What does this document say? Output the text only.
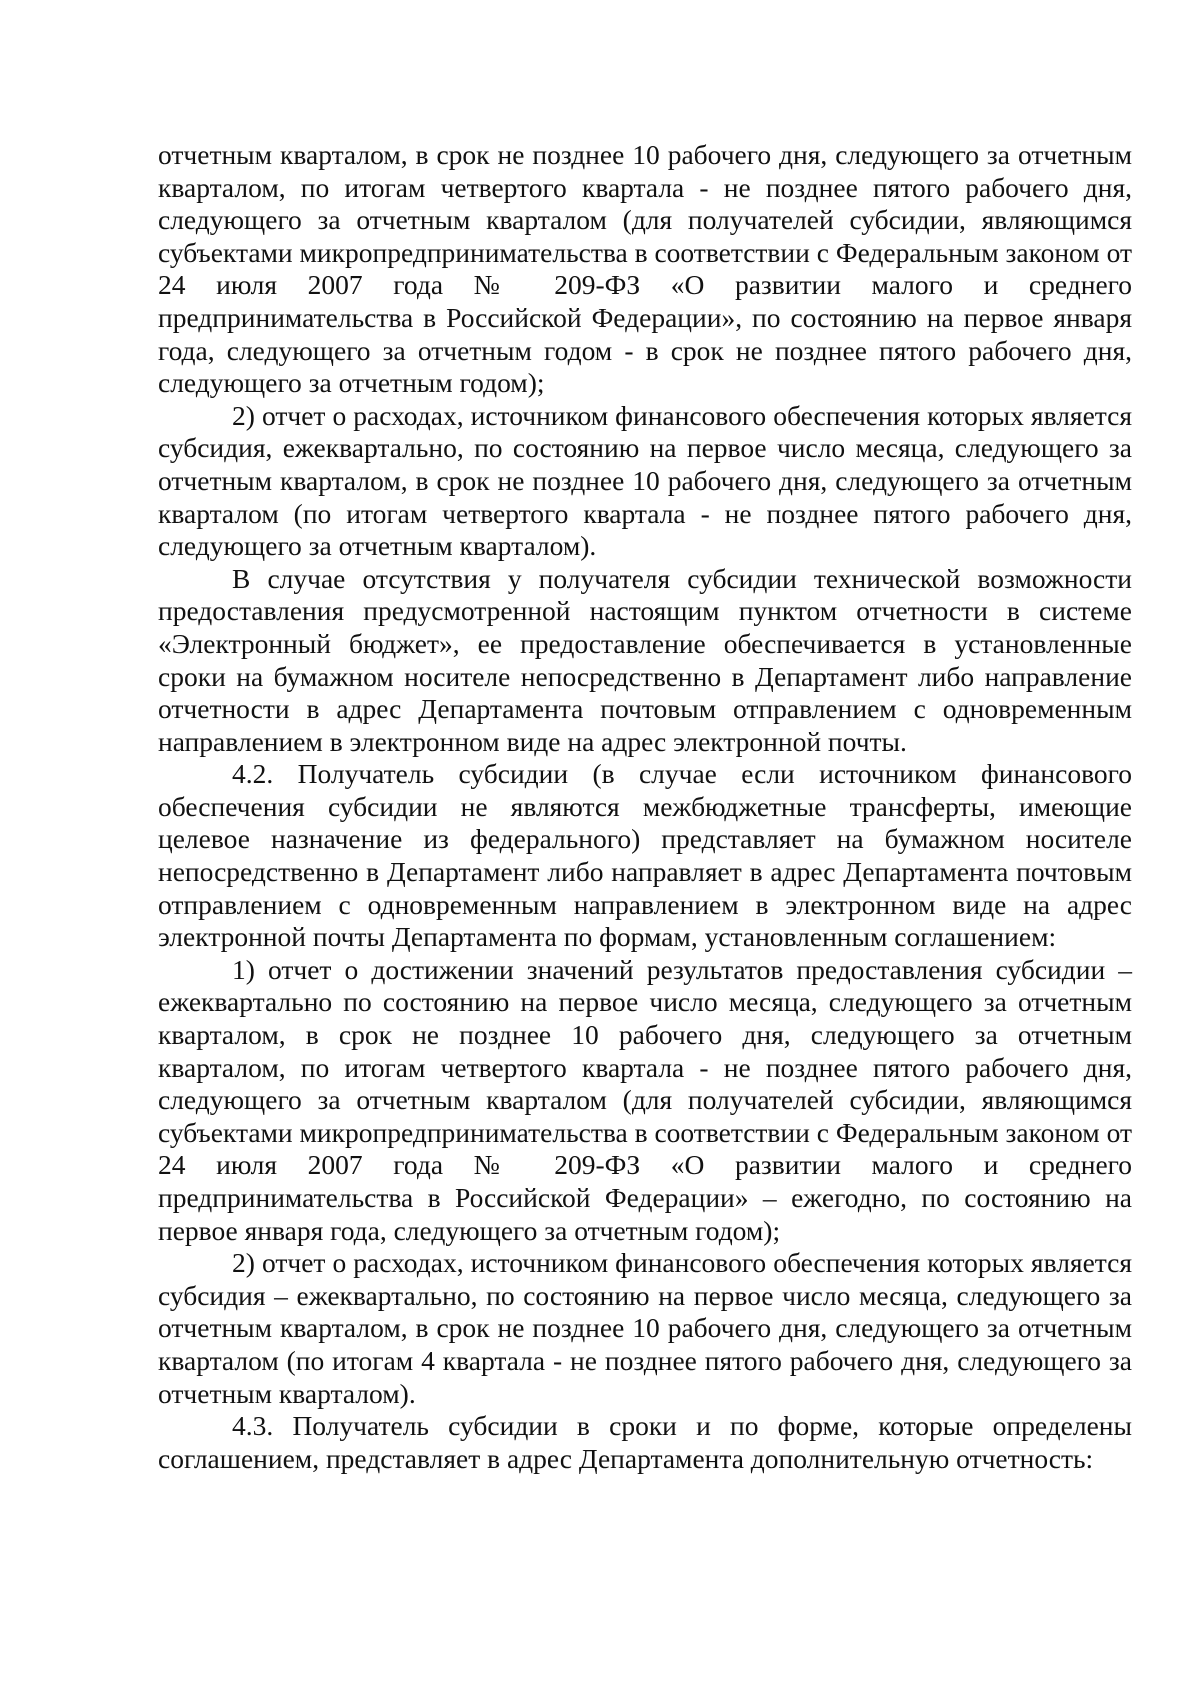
отчетным кварталом, в срок не позднее 10 рабочего дня, следующего за отчетным кварталом, по итогам четвертого квартала - не позднее пятого рабочего дня, следующего за отчетным кварталом (для получателей субсидии, являющимся субъектами микропредпринимательства в соответствии с Федеральным законом от 24 июля 2007 года № 209-ФЗ «О развитии малого и среднего предпринимательства в Российской Федерации», по состоянию на первое января года, следующего за отчетным годом - в срок не позднее пятого рабочего дня, следующего за отчетным годом);

2) отчет о расходах, источником финансового обеспечения которых является субсидия, ежеквартально, по состоянию на первое число месяца, следующего за отчетным кварталом, в срок не позднее 10 рабочего дня, следующего за отчетным кварталом (по итогам четвертого квартала - не позднее пятого рабочего дня, следующего за отчетным кварталом).

В случае отсутствия у получателя субсидии технической возможности предоставления предусмотренной настоящим пунктом отчетности в системе «Электронный бюджет», ее предоставление обеспечивается в установленные сроки на бумажном носителе непосредственно в Департамент либо направление отчетности в адрес Департамента почтовым отправлением с одновременным направлением в электронном виде на адрес электронной почты.

4.2. Получатель субсидии (в случае если источником финансового обеспечения субсидии не являются межбюджетные трансферты, имеющие целевое назначение из федерального) представляет на бумажном носителе непосредственно в Департамент либо направляет в адрес Департамента почтовым отправлением с одновременным направлением в электронном виде на адрес электронной почты Департамента по формам, установленным соглашением:

1) отчет о достижении значений результатов предоставления субсидии – ежеквартально по состоянию на первое число месяца, следующего за отчетным кварталом, в срок не позднее 10 рабочего дня, следующего за отчетным кварталом, по итогам четвертого квартала - не позднее пятого рабочего дня, следующего за отчетным кварталом (для получателей субсидии, являющимся субъектами микропредпринимательства в соответствии с Федеральным законом от 24 июля 2007 года № 209-ФЗ «О развитии малого и среднего предпринимательства в Российской Федерации» – ежегодно, по состоянию на первое января года, следующего за отчетным годом);

2) отчет о расходах, источником финансового обеспечения которых является субсидия – ежеквартально, по состоянию на первое число месяца, следующего за отчетным кварталом, в срок не позднее 10 рабочего дня, следующего за отчетным кварталом (по итогам 4 квартала - не позднее пятого рабочего дня, следующего за отчетным кварталом).

4.3. Получатель субсидии в сроки и по форме, которые определены соглашением, представляет в адрес Департамента дополнительную отчетность:
